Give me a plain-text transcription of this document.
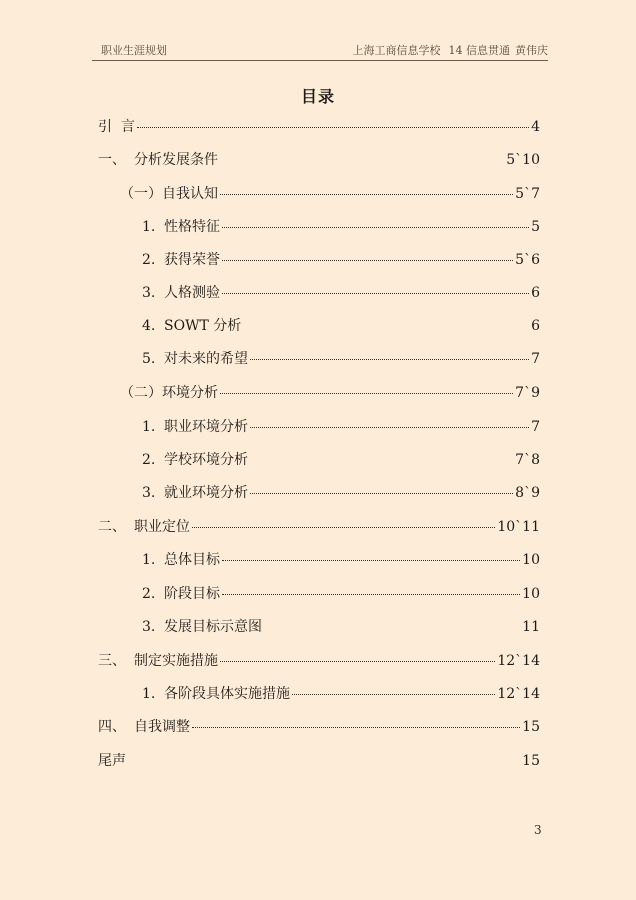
职业生涯规划	上海工商信息学校 14 信息贯通 黄伟庆
目录
引  言	4
一、 分析发展条件	5`10
（一） 自我认知	5`7
1. 性格特征	5
2. 获得荣誉	5`6
3. 人格测验	6
4. SOWT 分析	6
5. 对未来的希望	7
（二） 环境分析	7`9
1. 职业环境分析	7
2. 学校环境分析	7`8
3. 就业环境分析	8`9
二、 职业定位	10`11
1. 总体目标	10
2. 阶段目标	10
3. 发展目标示意图	11
三、 制定实施措施	12`14
1. 各阶段具体实施措施	12`14
四、 自我调整	15
尾声	15
3
